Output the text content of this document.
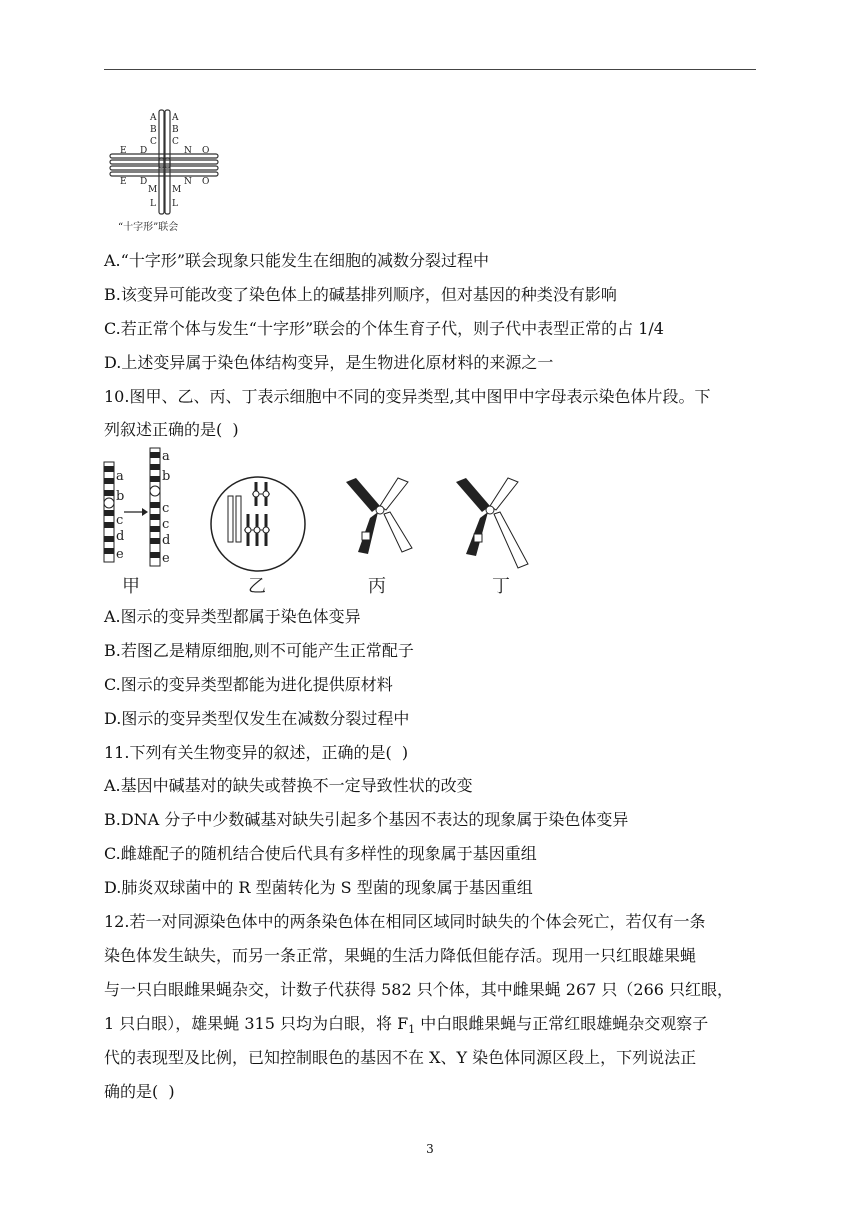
A
B
C
A
B
C
E D	N O
E D	N O
M
L
M
L
“十字形”联会
A.“十字形”联会现象只能发生在细胞的减数分裂过程中
B.该变异可能改变了染色体上的碱基排列顺序，但对基因的种类没有影响
C.若正常个体与发生“十字形”联会的个体生育子代，则子代中表型正常的占 1/4
D.上述变异属于染色体结构变异，是生物进化原材料的来源之一
10.图甲、乙、丙、丁表示细胞中不同的变异类型,其中图甲中字母表示染色体片段。下
列叙述正确的是(  )
a
b
c
d
e
a
b
c
c
d
e
甲	乙	丙	丁
A.图示的变异类型都属于染色体变异
B.若图乙是精原细胞,则不可能产生正常配子
C.图示的变异类型都能为进化提供原材料
D.图示的变异类型仅发生在减数分裂过程中
11.下列有关生物变异的叙述，正确的是(  )
A.基因中碱基对的缺失或替换不一定导致性状的改变
B.DNA 分子中少数碱基对缺失引起多个基因不表达的现象属于染色体变异
C.雌雄配子的随机结合使后代具有多样性的现象属于基因重组
D.肺炎双球菌中的 R 型菌转化为 S 型菌的现象属于基因重组
12.若一对同源染色体中的两条染色体在相同区域同时缺失的个体会死亡，若仅有一条
染色体发生缺失，而另一条正常，果蝇的生活力降低但能存活。现用一只红眼雄果蝇
与一只白眼雌果蝇杂交，计数子代获得 582 只个体，其中雌果蝇 267 只（266 只红眼，
1 只白眼），雄果蝇 315 只均为白眼，将 $F_1$ 中白眼雌果蝇与正常红眼雄蝇杂交观察子
代的表现型及比例，已知控制眼色的基因不在 X、Y 染色体同源区段上，下列说法正
确的是(  )
3
